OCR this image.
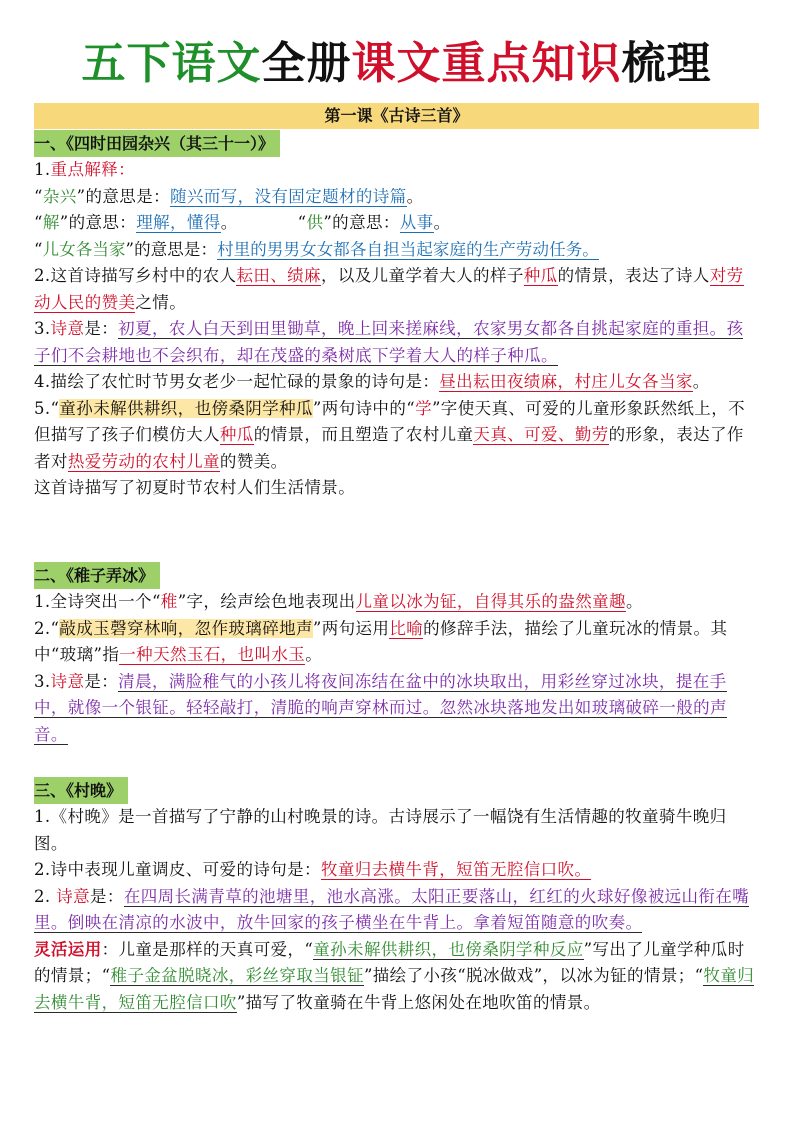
五下语文全册课文重点知识梳理
第一课《古诗三首》
一、《四时田园杂兴（其三十一）》

1.重点解释：

“杂兴”的意思是：随兴而写，没有固定题材的诗篇。

“解”的意思：理解，懂得。	“供”的意思：从事。

“儿女各当家”的意思是：村里的男男女女都各自担当起家庭的生产劳动任务。

2.这首诗描写乡村中的农人耘田、绩麻，以及儿童学着大人的样子种瓜的情景，表达了诗人对劳动人民的赞美之情。

3.诗意是：初夏，农人白天到田里锄草，晚上回来搓麻线，农家男女都各自挑起家庭的重担。孩子们不会耕地也不会织布，却在茂盛的桑树底下学着大人的样子种瓜。

4.描绘了农忙时节男女老少一起忙碌的景象的诗句是：昼出耘田夜绩麻，村庄儿女各当家。

5.“童孙未解供耕织，也傍桑阴学种瓜”两句诗中的“学”字使天真、可爱的儿童形象跃然纸上，不但描写了孩子们模仿大人种瓜的情景，而且塑造了农村儿童天真、可爱、勤劳的形象，表达了作者对热爱劳动的农村儿童的赞美。

这首诗描写了初夏时节农村人们生活情景。

二、《稚子弄冰》

1.全诗突出一个“稚”字，绘声绘色地表现出儿童以冰为钲，自得其乐的盎然童趣。

2.“敲成玉磬穿林响，忽作玻璃碎地声”两句运用比喻的修辞手法，描绘了儿童玩冰的情景。其中“玻璃”指一种天然玉石，也叫水玉。

3.诗意是：清晨，满脸稚气的小孩儿将夜间冻结在盆中的冰块取出，用彩丝穿过冰块，提在手中，就像一个银钲。轻轻敲打，清脆的响声穿林而过。忽然冰块落地发出如玻璃破碎一般的声音。

三、《村晚》

1.《村晚》是一首描写了宁静的山村晚景的诗。古诗展示了一幅饶有生活情趣的牧童骑牛晚归图。

2.诗中表现儿童调皮、可爱的诗句是：牧童归去横牛背，短笛无腔信口吹。

2. 诗意是：在四周长满青草的池塘里，池水高涨。太阳正要落山，红红的火球好像被远山衔在嘴里。倒映在清凉的水波中，放牛回家的孩子横坐在牛背上。拿着短笛随意的吹奏。

灵活运用：儿童是那样的天真可爱，“童孙未解供耕织，也傍桑阴学种反应”写出了儿童学种瓜时的情景；“稚子金盆脱晓冰，彩丝穿取当银钲”描绘了小孩“脱冰做戏”，以冰为钲的情景；“牧童归去横牛背，短笛无腔信口吹”描写了牧童骑在牛背上悠闲处在地吹笛的情景。
